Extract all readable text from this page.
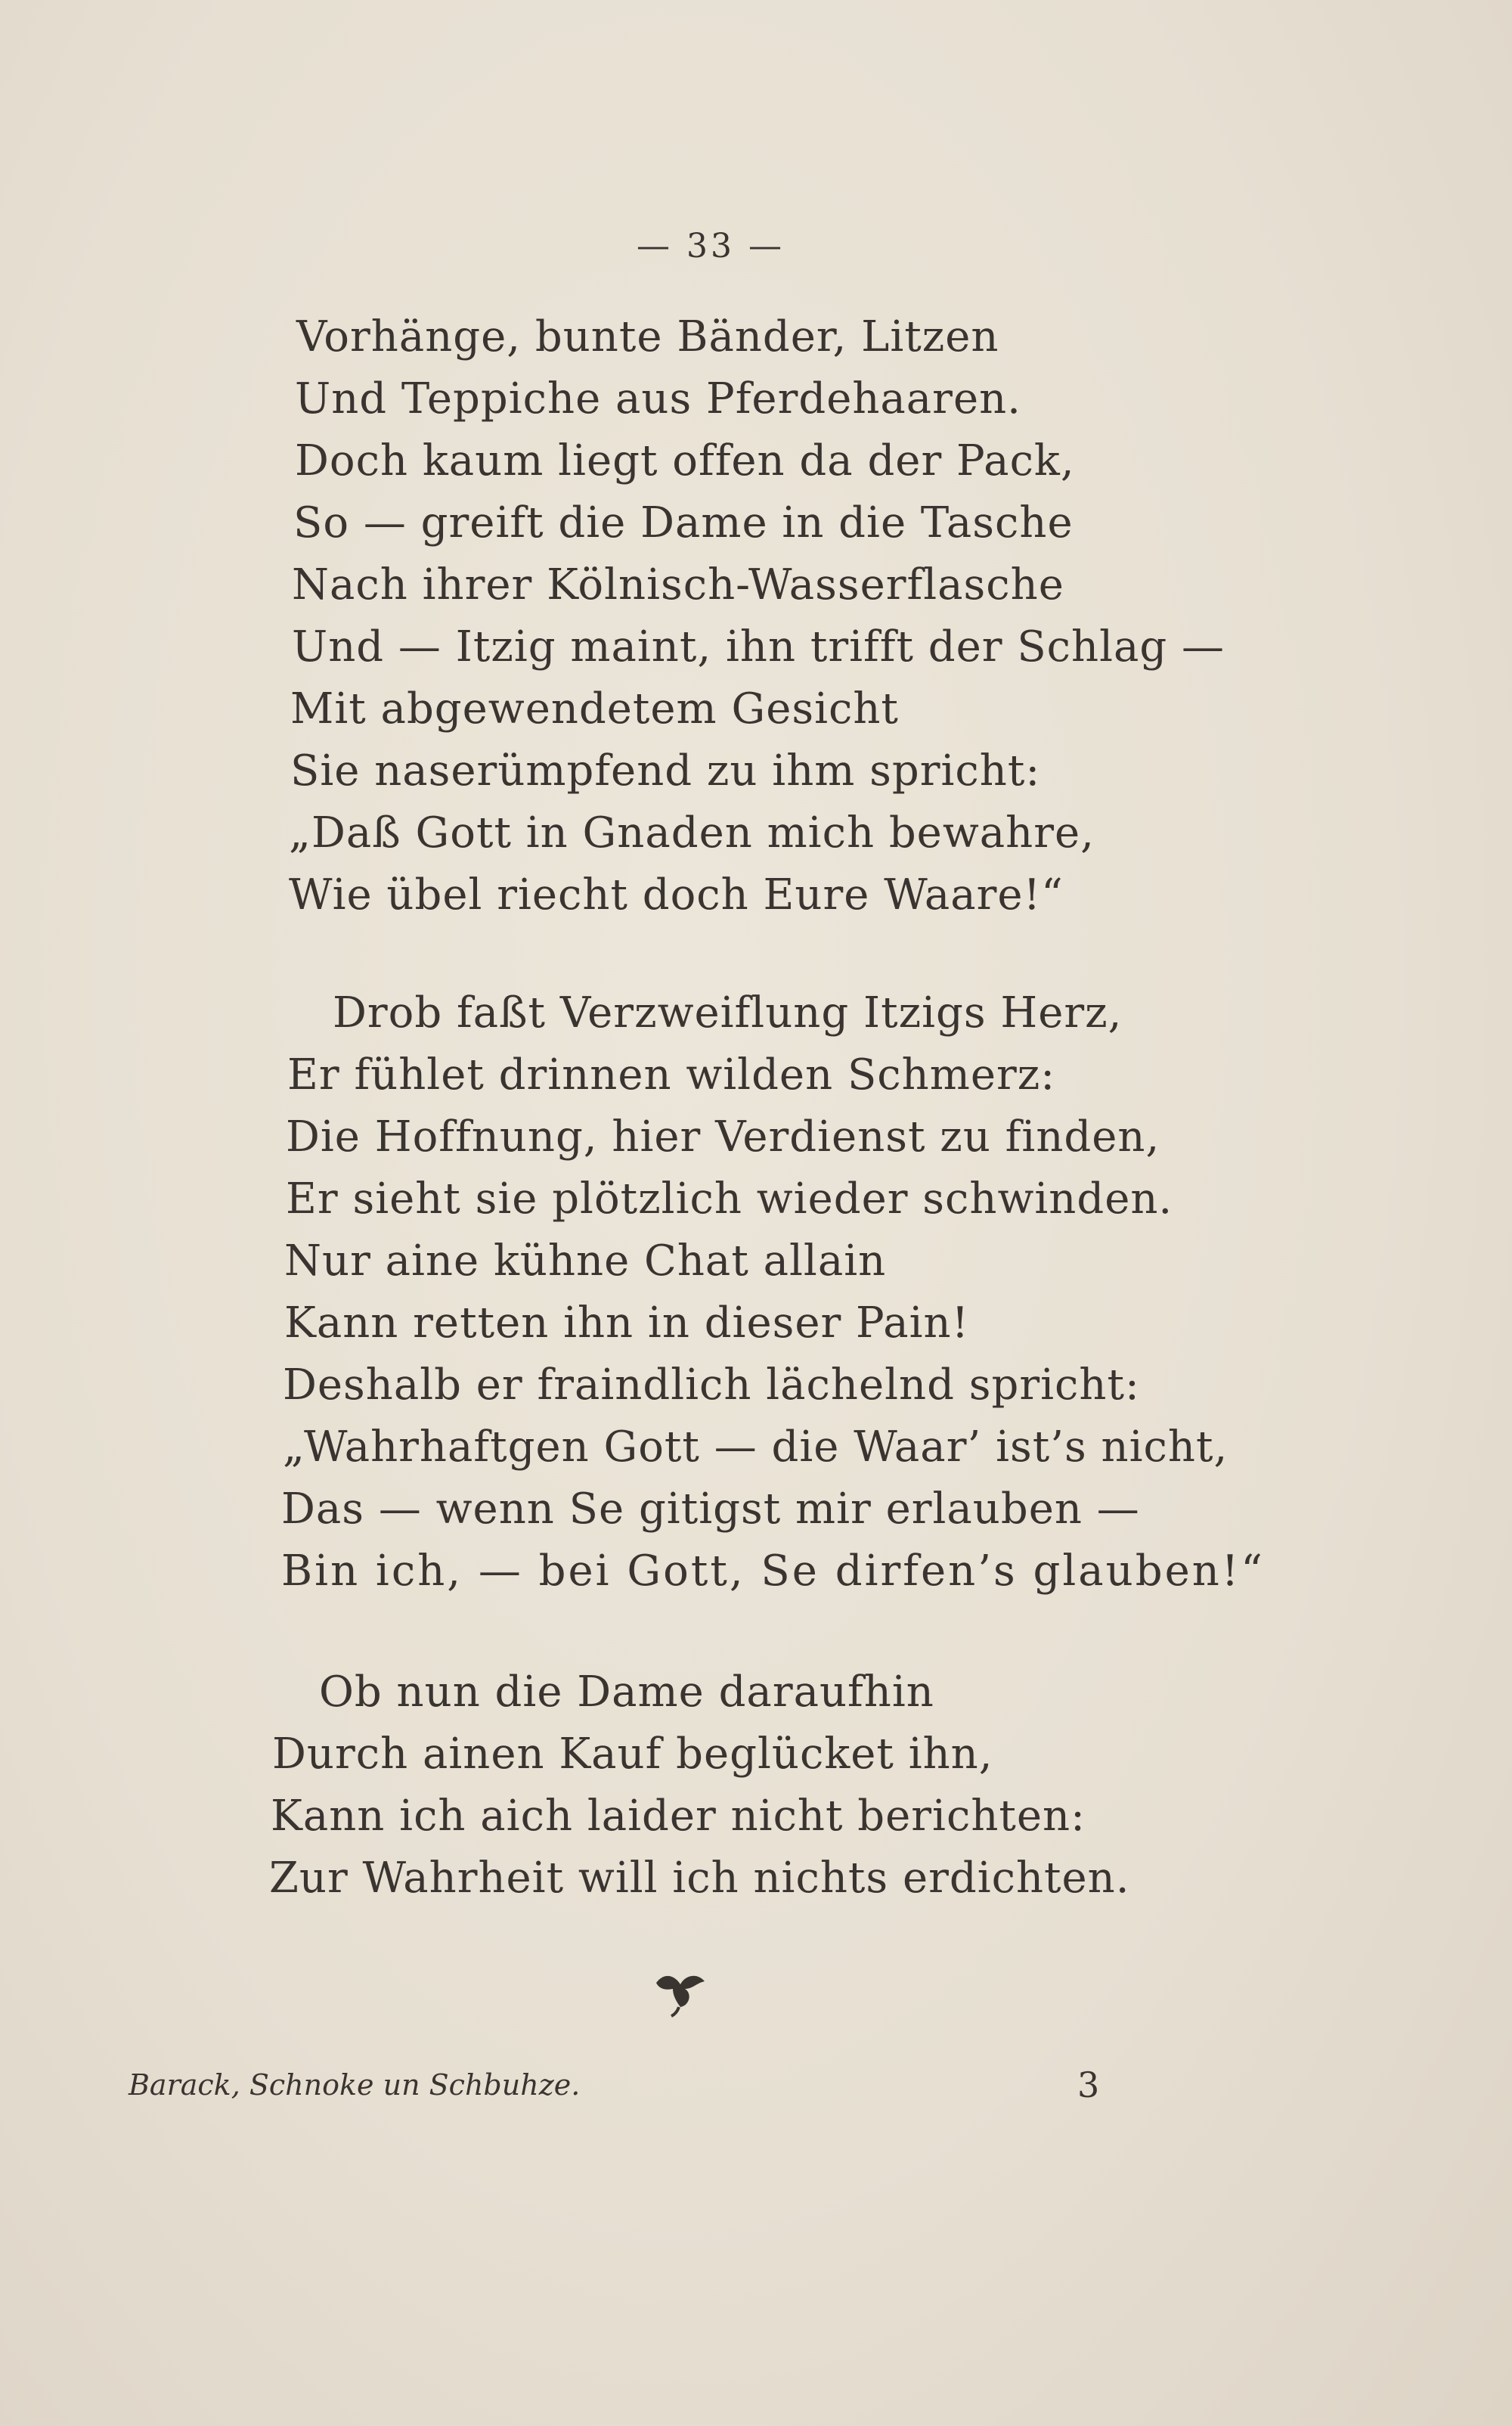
— 33 —
Vorhänge, bunte Bänder, Litzen
Und Teppiche aus Pferdehaaren.
Doch kaum liegt offen da der Pack,
So — greift die Dame in die Tasche
Nach ihrer Kölnisch-Wasserflasche
Und — Itzig maint, ihn trifft der Schlag —
Mit abgewendetem Gesicht
Sie naserümpfend zu ihm spricht:
„Daß Gott in Gnaden mich bewahre,
Wie übel riecht doch Eure Waare!“
Drob faßt Verzweiflung Itzigs Herz,
Er fühlet drinnen wilden Schmerz:
Die Hoffnung, hier Verdienst zu finden,
Er sieht sie plötzlich wieder schwinden.
Nur aine kühne Chat allain
Kann retten ihn in dieser Pain!
Deshalb er fraindlich lächelnd spricht:
„Wahrhaftgen Gott — die Waar’ ist’s nicht,
Das — wenn Se gitigst mir erlauben —
Bin ich, — bei Gott, Se dirfen’s glauben!“
Ob nun die Dame daraufhin
Durch ainen Kauf beglücket ihn,
Kann ich aich laider nicht berichten:
Zur Wahrheit will ich nichts erdichten.
Barack, Schnoke un Schbuhze.	3
